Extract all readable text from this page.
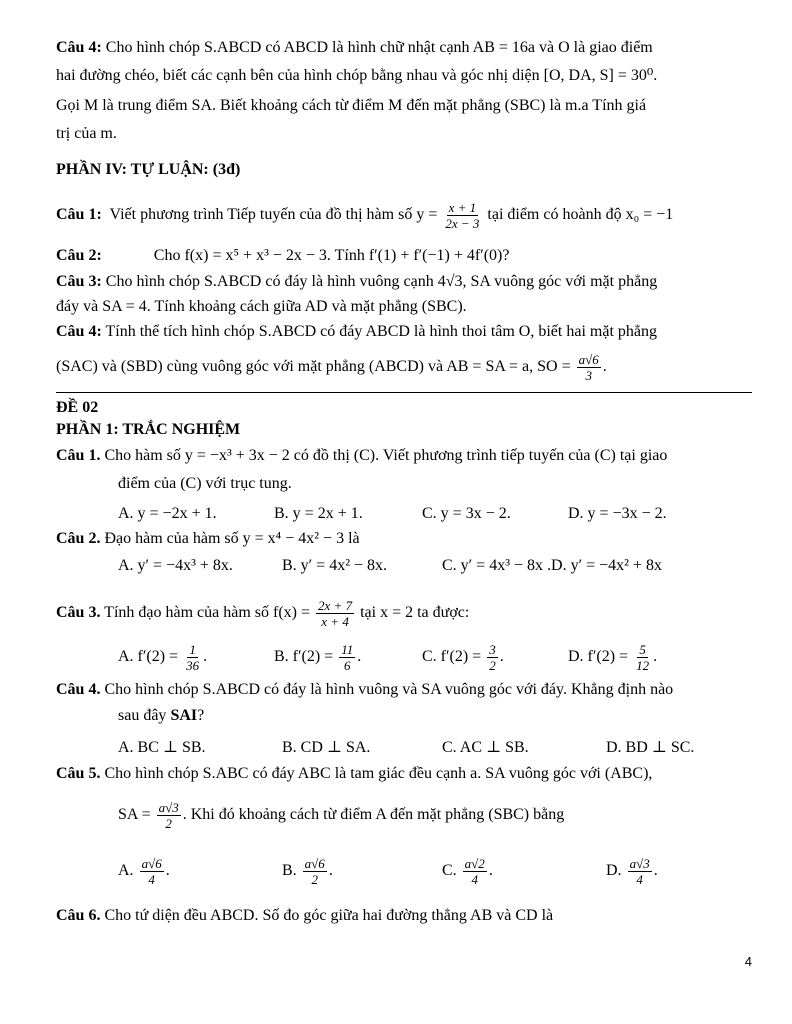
Câu 4: Cho hình chóp S.ABCD có ABCD là hình chữ nhật cạnh AB = 16a và O là giao điểm
hai đường chéo, biết các cạnh bên của hình chóp bằng nhau và góc nhị diện [O, DA, S] = 30⁰.
Gọi M là trung điểm SA. Biết khoảng cách từ điểm M đến mặt phẳng (SBC) là m.a Tính giá
trị của m.
PHẦN IV: TỰ LUẬN: (3đ)
Câu 1: Viết phương trình Tiếp tuyến của đồ thị hàm số $y = \frac{x + 1}{2x - 3}$ tại điểm có hoành độ x₀ = −1
Câu 2:	Cho f(x) = x⁵ + x³ − 2x − 3. Tính f′(1) + f′(−1) + 4f′(0)?
Câu 3: Cho hình chóp S.ABCD có đáy là hình vuông cạnh 4√3, SA vuông góc với mặt phẳng
đáy và SA = 4. Tính khoảng cách giữa AD và mặt phẳng (SBC).
Câu 4: Tính thể tích hình chóp S.ABCD có đáy ABCD là hình thoi tâm O, biết hai mặt phẳng
(SAC) và (SBD) cùng vuông góc với mặt phẳng (ABCD) và AB = SA = a, SO = $\frac{a√6}{3}$ .
ĐỀ 02
PHẦN 1: TRẮC NGHIỆM
Câu 1. Cho hàm số y = −x³ + 3x − 2 có đồ thị (C). Viết phương trình tiếp tuyến của (C) tại giao
điểm của (C) với trục tung.
A. y = −2x + 1.	B. y = 2x + 1.	C. y = 3x − 2.	D. y = −3x − 2.
Câu 2. Đạo hàm của hàm số y = x⁴ − 4x² − 3 là
A. y′ = −4x³ + 8x.	B. y′ = 4x² − 8x.	C. y′ = 4x³ − 8x .D. y′ = −4x² + 8x
Câu 3. Tính đạo hàm của hàm số $f(x) = \frac{2x + 7}{x + 4}$ tại x = 2 ta được:
A. $f'(2) = \frac{1}{36}$ .	B. $f'(2) = \frac{11}{6}$ .	C. $f'(2) = \frac{3}{2}$ .	D. $f'(2) = \frac{5}{12}$ .
Câu 4. Cho hình chóp S.ABCD có đáy là hình vuông và SA vuông góc với đáy. Khẳng định nào
sau đây SAI?
A. BC ⊥ SB.	B. CD ⊥ SA.	C. AC ⊥ SB.	D. BD ⊥ SC.
Câu 5. Cho hình chóp S.ABC có đáy ABC là tam giác đều cạnh a. SA vuông góc với (ABC),
SA = $\frac{a√3}{2}$ . Khi đó khoảng cách từ điểm A đến mặt phẳng (SBC) bằng
A. $\frac{a√6}{4}$ .	B. $\frac{a√6}{2}$ .	C. $\frac{a√2}{4}$ .	D. $\frac{a√3}{4}$ .
Câu 6. Cho tứ diện đều ABCD. Số đo góc giữa hai đường thẳng AB và CD là
4
